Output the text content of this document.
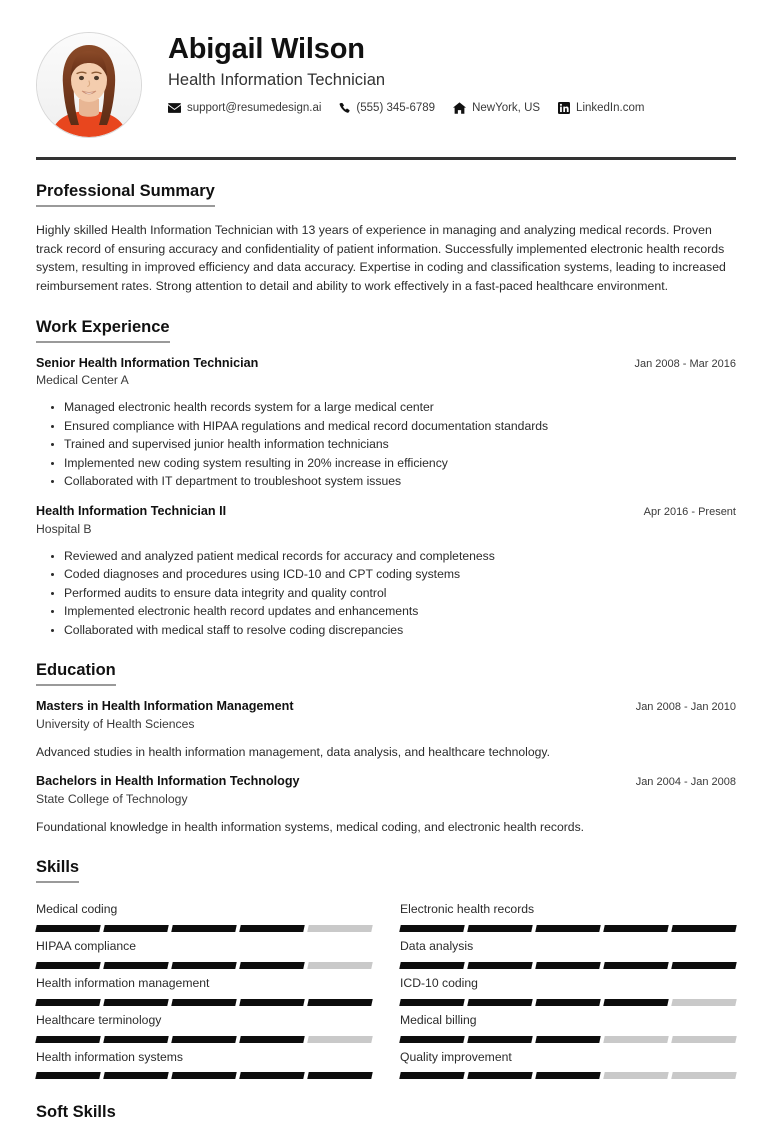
Abigail Wilson
Health Information Technician
support@resumedesign.ai	(555) 345-6789	NewYork, US	LinkedIn.com
Professional Summary
Highly skilled Health Information Technician with 13 years of experience in managing and analyzing medical records. Proven track record of ensuring accuracy and confidentiality of patient information. Successfully implemented electronic health records system, resulting in improved efficiency and data accuracy. Expertise in coding and classification systems, leading to increased reimbursement rates. Strong attention to detail and ability to work effectively in a fast-paced healthcare environment.
Work Experience
Senior Health Information Technician	Jan 2008 - Mar 2016
Medical Center A
Managed electronic health records system for a large medical center
Ensured compliance with HIPAA regulations and medical record documentation standards
Trained and supervised junior health information technicians
Implemented new coding system resulting in 20% increase in efficiency
Collaborated with IT department to troubleshoot system issues
Health Information Technician II	Apr 2016 - Present
Hospital B
Reviewed and analyzed patient medical records for accuracy and completeness
Coded diagnoses and procedures using ICD-10 and CPT coding systems
Performed audits to ensure data integrity and quality control
Implemented electronic health record updates and enhancements
Collaborated with medical staff to resolve coding discrepancies
Education
Masters in Health Information Management	Jan 2008 - Jan 2010
University of Health Sciences
Advanced studies in health information management, data analysis, and healthcare technology.
Bachelors in Health Information Technology	Jan 2004 - Jan 2008
State College of Technology
Foundational knowledge in health information systems, medical coding, and electronic health records.
Skills
Medical coding	Electronic health records
HIPAA compliance	Data analysis
Health information management	ICD-10 coding
Healthcare terminology	Medical billing
Health information systems	Quality improvement
Soft Skills
